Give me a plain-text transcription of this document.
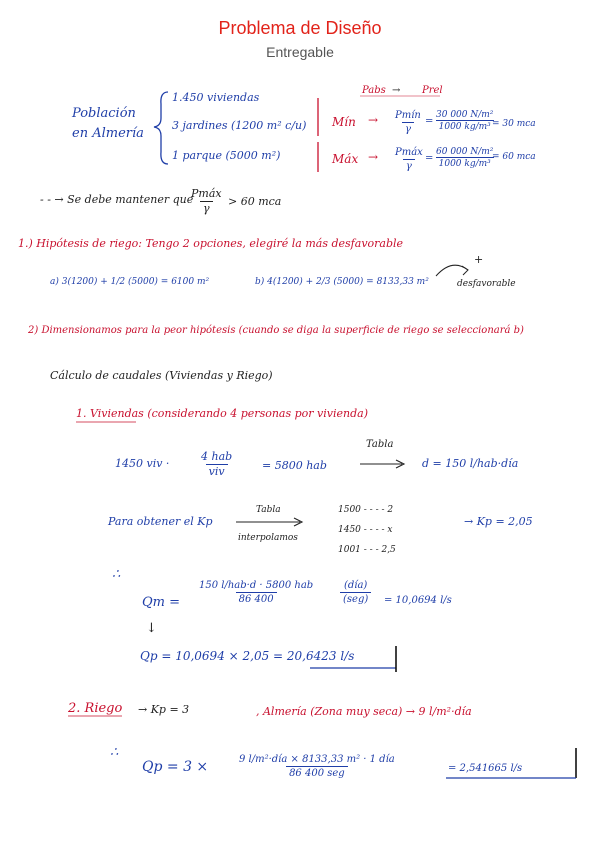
Problema de Diseño
Entregable
Población en Almería
1.450 viviendas
3 jardines (1200 m² c/u)
1 parque (5000 m²)
Pabs → Prel
Mín →	Pmín
γ
= $\frac{\text{30 000 N/m²}}{\text{1000 kg/m³}}$
= 30 mca
Máx →	Pmáx
γ
= $\frac{\text{60 000 N/m²}}{\text{1000 kg/m³}}$
= 60 mca
- - → Se debe mantener que
Pmáx
γ
> 60 mca
1.) Hipótesis de riego: Tengo 2 opciones, elegiré la más desfavorable
a) 3(1200) + 1/2 (5000) = 6100 m²	b) 4(1200) + 2/3 (5000) = 8133,33 m²
+
desfavorable
2) Dimensionamos para la peor hipótesis (cuando se diga la superficie de riego se seleccionará b)
Cálculo de caudales (Viviendas y Riego)
1. Viviendas (considerando 4 personas por vivienda)
1450 viv ·
4 hab
viv	= 5800 hab
Tabla
d = 150 l/hab·día
Para obtener el Kp
Tabla
interpolamos
1500 - - - - 2
1450 - - - - x
1001 - - - 2,5
→ Kp = 2,05
∴
Qm =
150 l/hab·d · 5800 hab
86 400
(día)
(seg)	= 10,0694 l/s
↓
Qp = 10,0694 × 2,05 = 20,6423 l/s
2. Riego → Kp = 3	, Almería (Zona muy seca) → 9 l/m²·día
∴
Qp = 3 ×	9 l/m²·día × 8133,33 m² · 1 día
86 400 seg	= 2,541665 l/s
